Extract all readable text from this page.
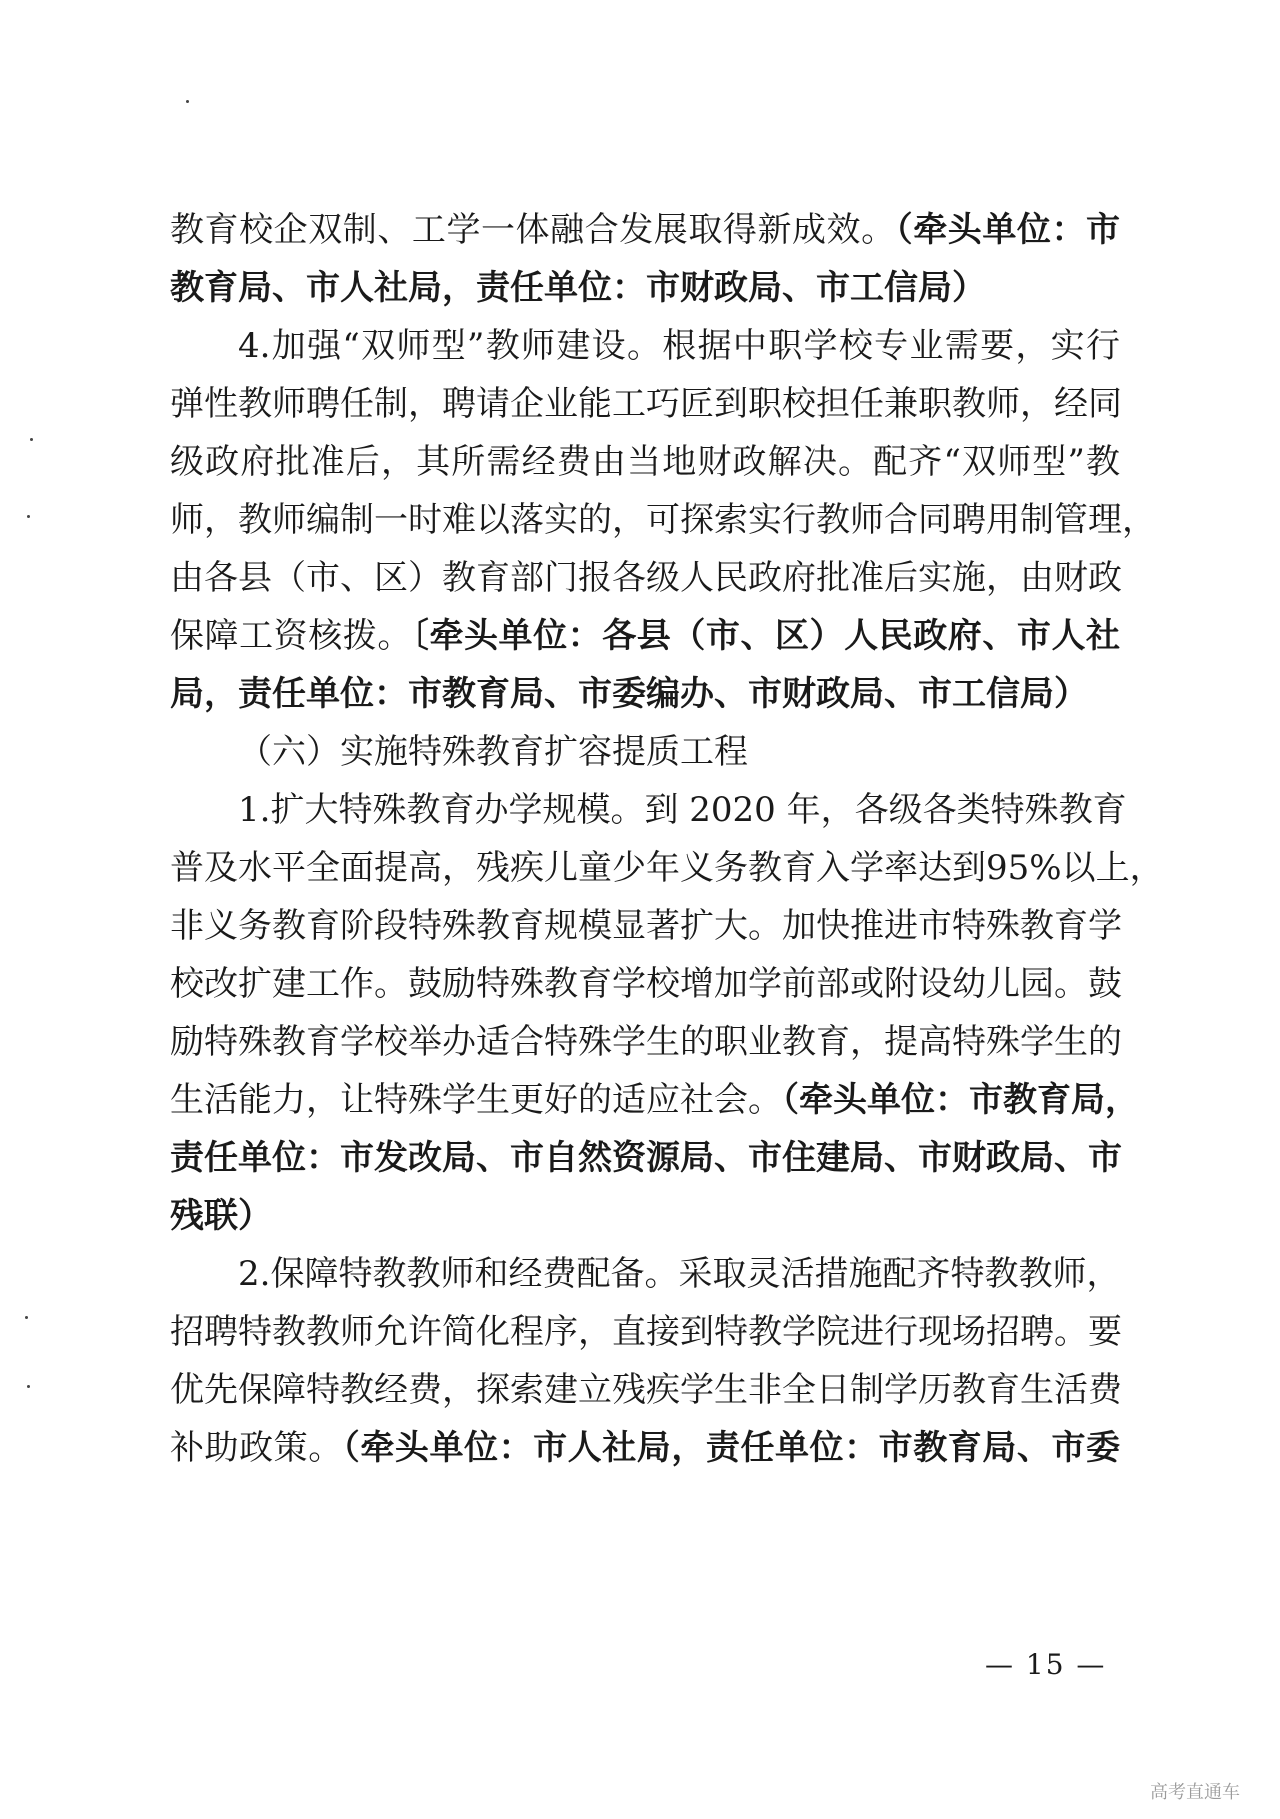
教育校企双制、工学一体融合发展取得新成效。（牵头单位：市
教育局、市人社局，责任单位：市财政局、市工信局）
4.加强“双师型”教师建设。根据中职学校专业需要，实行
弹性教师聘任制，聘请企业能工巧匠到职校担任兼职教师，经同
级政府批准后，其所需经费由当地财政解决。配齐“双师型”教
师，教师编制一时难以落实的，可探索实行教师合同聘用制管理，
由各县（市、区）教育部门报各级人民政府批准后实施，由财政
保障工资核拨。〔牵头单位：各县（市、区）人民政府、市人社
局，责任单位：市教育局、市委编办、市财政局、市工信局）
（六）实施特殊教育扩容提质工程
1.扩大特殊教育办学规模。到 2020 年，各级各类特殊教育
普及水平全面提高，残疾儿童少年义务教育入学率达到95%以上，
非义务教育阶段特殊教育规模显著扩大。加快推进市特殊教育学
校改扩建工作。鼓励特殊教育学校增加学前部或附设幼儿园。鼓
励特殊教育学校举办适合特殊学生的职业教育，提高特殊学生的
生活能力，让特殊学生更好的适应社会。（牵头单位：市教育局，
责任单位：市发改局、市自然资源局、市住建局、市财政局、市
残联）
2.保障特教教师和经费配备。采取灵活措施配齐特教教师，
招聘特教教师允许简化程序，直接到特教学院进行现场招聘。要
优先保障特教经费，探索建立残疾学生非全日制学历教育生活费
补助政策。（牵头单位：市人社局，责任单位：市教育局、市委
— 15 —
高考直通车
